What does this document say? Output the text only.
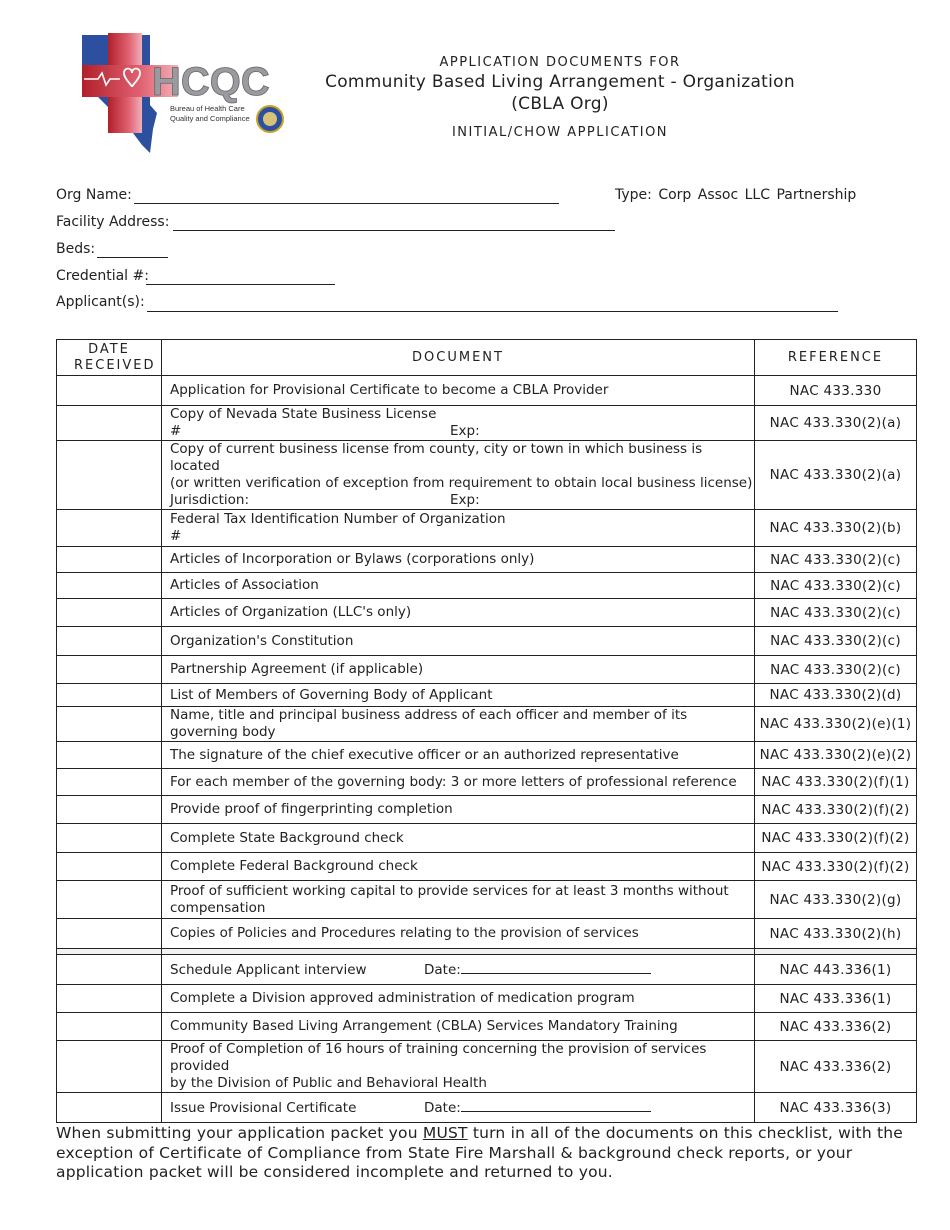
HCQC
Bureau of Health Care
Quality and Compliance
APPLICATION DOCUMENTS FOR
Community Based Living Arrangement - Organization
(CBLA Org)
INITIAL/CHOW APPLICATION
Org Name:	Type: Corp Assoc LLC Partnership
Facility Address:
Beds:
Credential #:
Applicant(s):
DATE RECEIVED	DOCUMENT	REFERENCE
	Application for Provisional Certificate to become a CBLA Provider	NAC 433.330

	Copy of Nevada State Business License
# Exp:	NAC 433.330(2)(a)

	Copy of current business license from county, city or town in which business is located
(or written verification of exception from requirement to obtain local business license)
Jurisdiction: Exp:	NAC 433.330(2)(a)

	Federal Tax Identification Number of Organization
#	NAC 433.330(2)(b)
	Articles of Incorporation or Bylaws (corporations only)	NAC 433.330(2)(c)
	Articles of Association	NAC 433.330(2)(c)
	Articles of Organization (LLC's only)	NAC 433.330(2)(c)
	Organization's Constitution	NAC 433.330(2)(c)
	Partnership Agreement (if applicable)	NAC 433.330(2)(c)
	List of Members of Governing Body of Applicant	NAC 433.330(2)(d)
	Name, title and principal business address of each officer and member of its governing body	NAC 433.330(2)(e)(1)
	The signature of the chief executive officer or an authorized representative	NAC 433.330(2)(e)(2)
	For each member of the governing body: 3 or more letters of professional reference	NAC 433.330(2)(f)(1)
	Provide proof of fingerprinting completion	NAC 433.330(2)(f)(2)
	Complete State Background check	NAC 433.330(2)(f)(2)
	Complete Federal Background check	NAC 433.330(2)(f)(2)

	Proof of sufficient working capital to provide services for at least 3 months without
compensation	NAC 433.330(2)(g)
	Copies of Policies and Procedures relating to the provision of services	NAC 433.330(2)(h)

	Schedule Applicant interview Date:	NAC 443.336(1)
	Complete a Division approved administration of medication program	NAC 433.336(1)
	Community Based Living Arrangement (CBLA) Services Mandatory Training	NAC 433.336(2)

	Proof of Completion of 16 hours of training concerning the provision of services provided
by the Division of Public and Behavioral Health	NAC 433.336(2)
	Issue Provisional Certificate Date:	NAC 433.336(3)
When submitting your application packet you MUST turn in all of the documents on this checklist, with the exception of Certificate of Compliance from State Fire Marshall & background check reports, or your application packet will be considered incomplete and returned to you.
